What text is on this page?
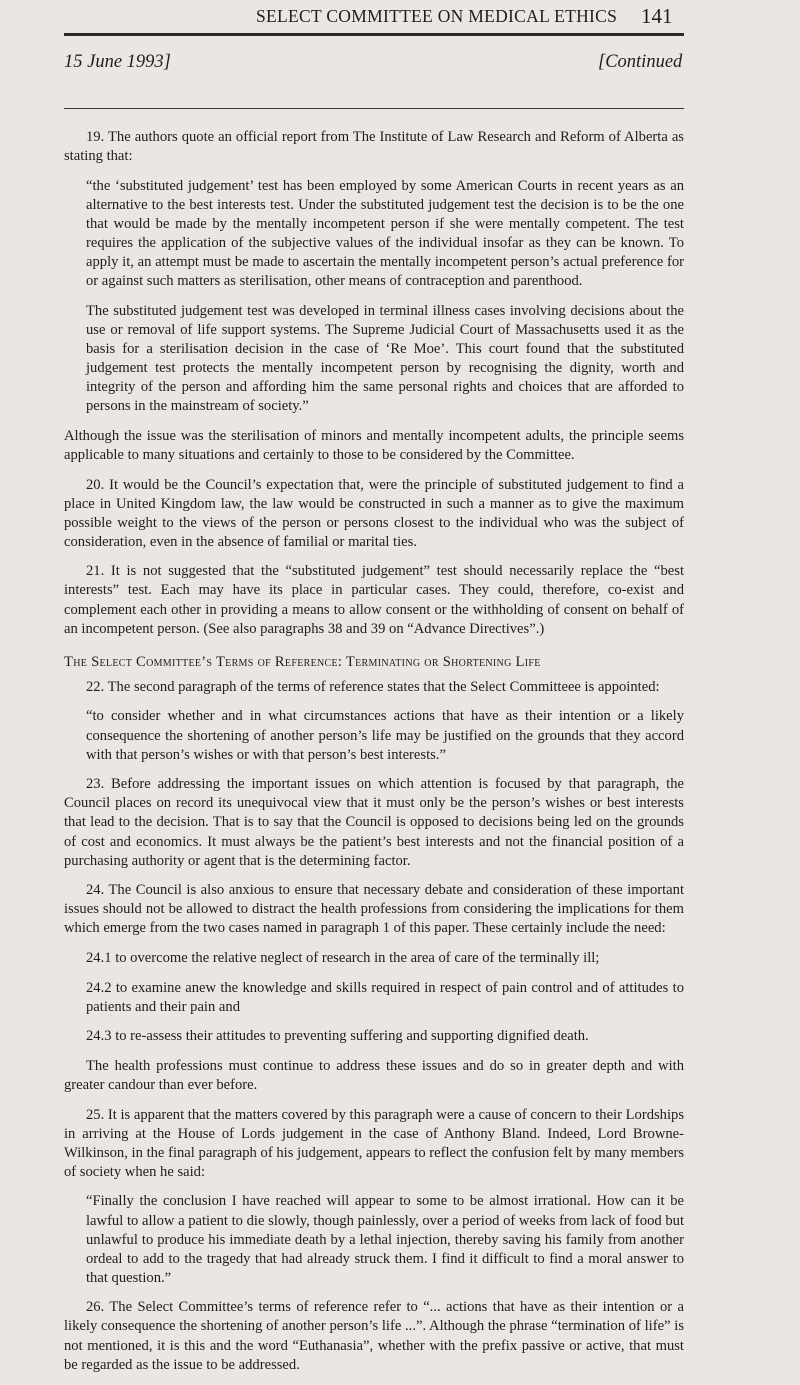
SELECT COMMITTEE ON MEDICAL ETHICS 141
15 June 1993]	[Continued

19. The authors quote an official report from The Institute of Law Research and Reform of Alberta as stating that:

“the ‘substituted judgement’ test has been employed by some American Courts in recent years as an alternative to the best interests test. Under the substituted judgement test the decision is to be the one that would be made by the mentally incompetent person if she were mentally competent. The test requires the application of the subjective values of the individual insofar as they can be known. To apply it, an attempt must be made to ascertain the mentally incompetent person’s actual preference for or against such matters as sterilisation, other means of contraception and parenthood.

The substituted judgement test was developed in terminal illness cases involving decisions about the use or removal of life support systems. The Supreme Judicial Court of Massachusetts used it as the basis for a sterilisation decision in the case of ‘Re Moe’. This court found that the substituted judgement test protects the mentally incompetent person by recognising the dignity, worth and integrity of the person and affording him the same personal rights and choices that are afforded to persons in the mainstream of society.”

Although the issue was the sterilisation of minors and mentally incompetent adults, the principle seems applicable to many situations and certainly to those to be considered by the Committee.

20. It would be the Council’s expectation that, were the principle of substituted judgement to find a place in United Kingdom law, the law would be constructed in such a manner as to give the maximum possible weight to the views of the person or persons closest to the individual who was the subject of consideration, even in the absence of familial or marital ties.

21. It is not suggested that the “substituted judgement” test should necessarily replace the “best interests” test. Each may have its place in particular cases. They could, therefore, co-exist and complement each other in providing a means to allow consent or the withholding of consent on behalf of an incompetent person. (See also paragraphs 38 and 39 on “Advance Directives”.)

The Select Committee’s Terms of Reference: Terminating or Shortening Life

22. The second paragraph of the terms of reference states that the Select Committeee is appointed:

“to consider whether and in what circumstances actions that have as their intention or a likely consequence the shortening of another person’s life may be justified on the grounds that they accord with that person’s wishes or with that person’s best interests.”

23. Before addressing the important issues on which attention is focused by that paragraph, the Council places on record its unequivocal view that it must only be the person’s wishes or best interests that lead to the decision. That is to say that the Council is opposed to decisions being led on the grounds of cost and economics. It must always be the patient’s best interests and not the financial position of a purchasing authority or agent that is the determining factor.

24. The Council is also anxious to ensure that necessary debate and consideration of these important issues should not be allowed to distract the health professions from considering the implications for them which emerge from the two cases named in paragraph 1 of this paper. These certainly include the need:

24.1 to overcome the relative neglect of research in the area of care of the terminally ill;

24.2 to examine anew the knowledge and skills required in respect of pain control and of attitudes to patients and their pain and

24.3 to re-assess their attitudes to preventing suffering and supporting dignified death.

The health professions must continue to address these issues and do so in greater depth and with greater candour than ever before.

25. It is apparent that the matters covered by this paragraph were a cause of concern to their Lordships in arriving at the House of Lords judgement in the case of Anthony Bland. Indeed, Lord Browne-Wilkinson, in the final paragraph of his judgement, appears to reflect the confusion felt by many members of society when he said:

“Finally the conclusion I have reached will appear to some to be almost irrational. How can it be lawful to allow a patient to die slowly, though painlessly, over a period of weeks from lack of food but unlawful to produce his immediate death by a lethal injection, thereby saving his family from another ordeal to add to the tragedy that had already struck them. I find it difficult to find a moral answer to that question.”

26. The Select Committee’s terms of reference refer to “... actions that have as their intention or a likely consequence the shortening of another person’s life ...”. Although the phrase “termination of life” is not mentioned, it is this and the word “Euthanasia”, whether with the prefix passive or active, that must be regarded as the issue to be addressed.
